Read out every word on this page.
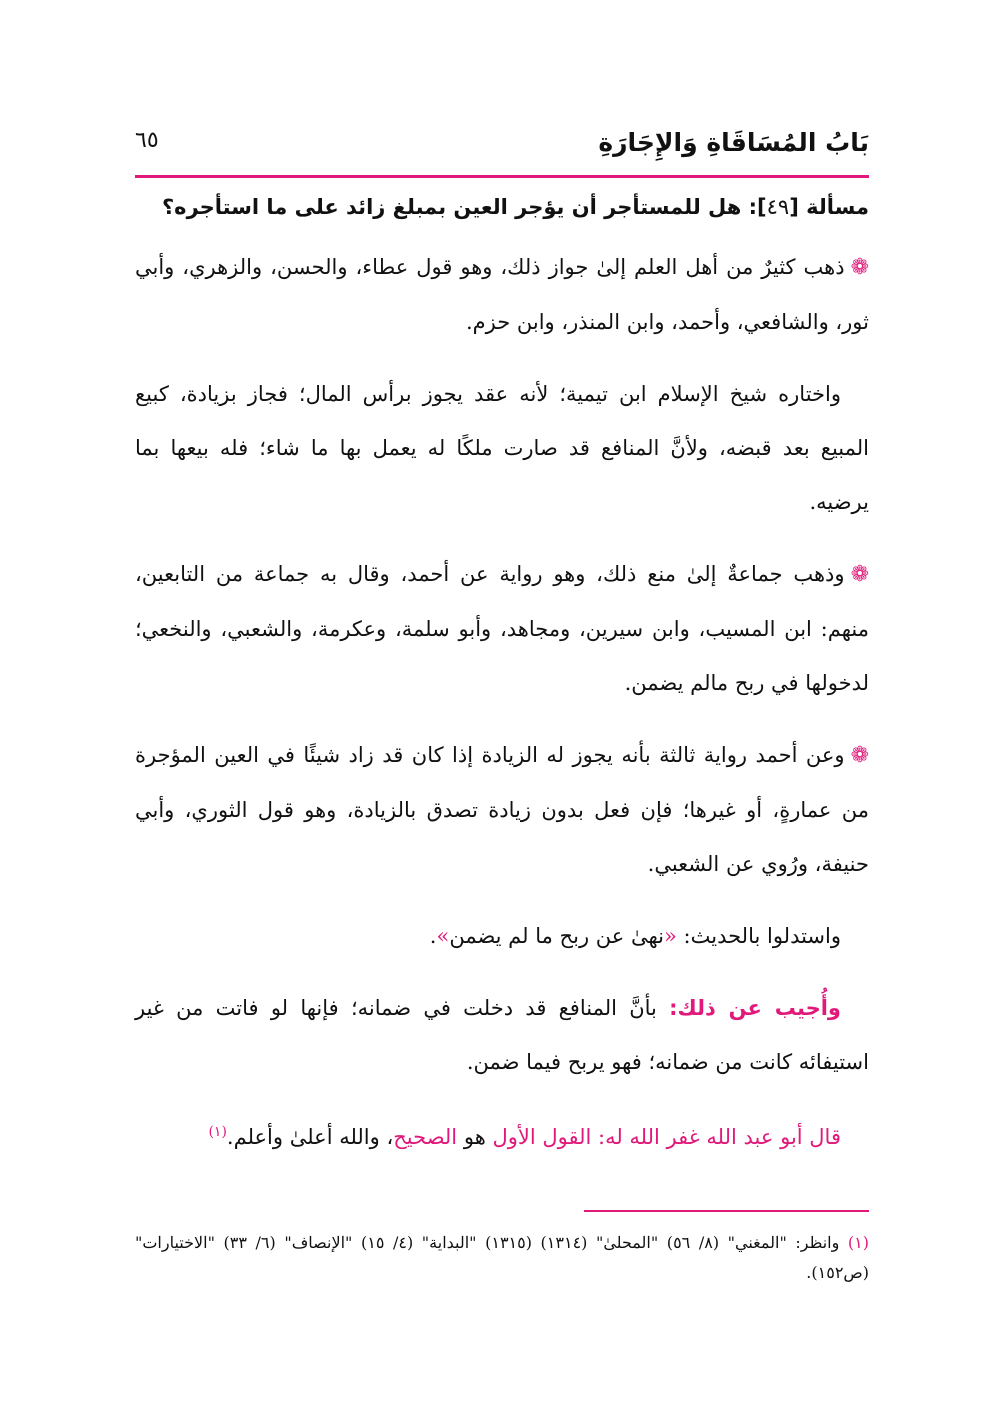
بَابُ المُسَاقَاةِ وَالإِجَارَةِ
٦٥
مسألة [٤٩]: هل للمستأجر أن يؤجر العين بمبلغ زائد على ما استأجره؟

❁ذهب كثيرٌ من أهل العلم إلىٰ جواز ذلك، وهو قول عطاء، والحسن، والزهري، وأبي ثور، والشافعي، وأحمد، وابن المنذر، وابن حزم.

واختاره شيخ الإسلام ابن تيمية؛ لأنه عقد يجوز برأس المال؛ فجاز بزيادة، كبيع المبيع بعد قبضه، ولأنَّ المنافع قد صارت ملكًا له يعمل بها ما شاء؛ فله بيعها بما يرضيه.

❁وذهب جماعةٌ إلىٰ منع ذلك، وهو رواية عن أحمد، وقال به جماعة من التابعين، منهم: ابن المسيب، وابن سيرين، ومجاهد، وأبو سلمة، وعكرمة، والشعبي، والنخعي؛ لدخولها في ربح مالم يضمن.

❁وعن أحمد رواية ثالثة بأنه يجوز له الزيادة إذا كان قد زاد شيئًا في العين المؤجرة من عمارةٍ، أو غيرها؛ فإن فعل بدون زيادة تصدق بالزيادة، وهو قول الثوري، وأبي حنيفة، ورُوي عن الشعبي.

واستدلوا بالحديث: «نهىٰ عن ربح ما لم يضمن».

وأُجيب عن ذلك: بأنَّ المنافع قد دخلت في ضمانه؛ فإنها لو فاتت من غير استيفائه كانت من ضمانه؛ فهو يربح فيما ضمن.

قال أبو عبد الله غفر الله له: القول الأول هو الصحيح، والله أعلىٰ وأعلم.$^{(١)}$

(١) وانظر: "المغني" (٨/ ٥٦) "المحلىٰ" (١٣١٤) (١٣١٥) "البداية" (٤/ ١٥) "الإنصاف" (٦/ ٣٣) "الاختيارات" (ص١٥٢).
